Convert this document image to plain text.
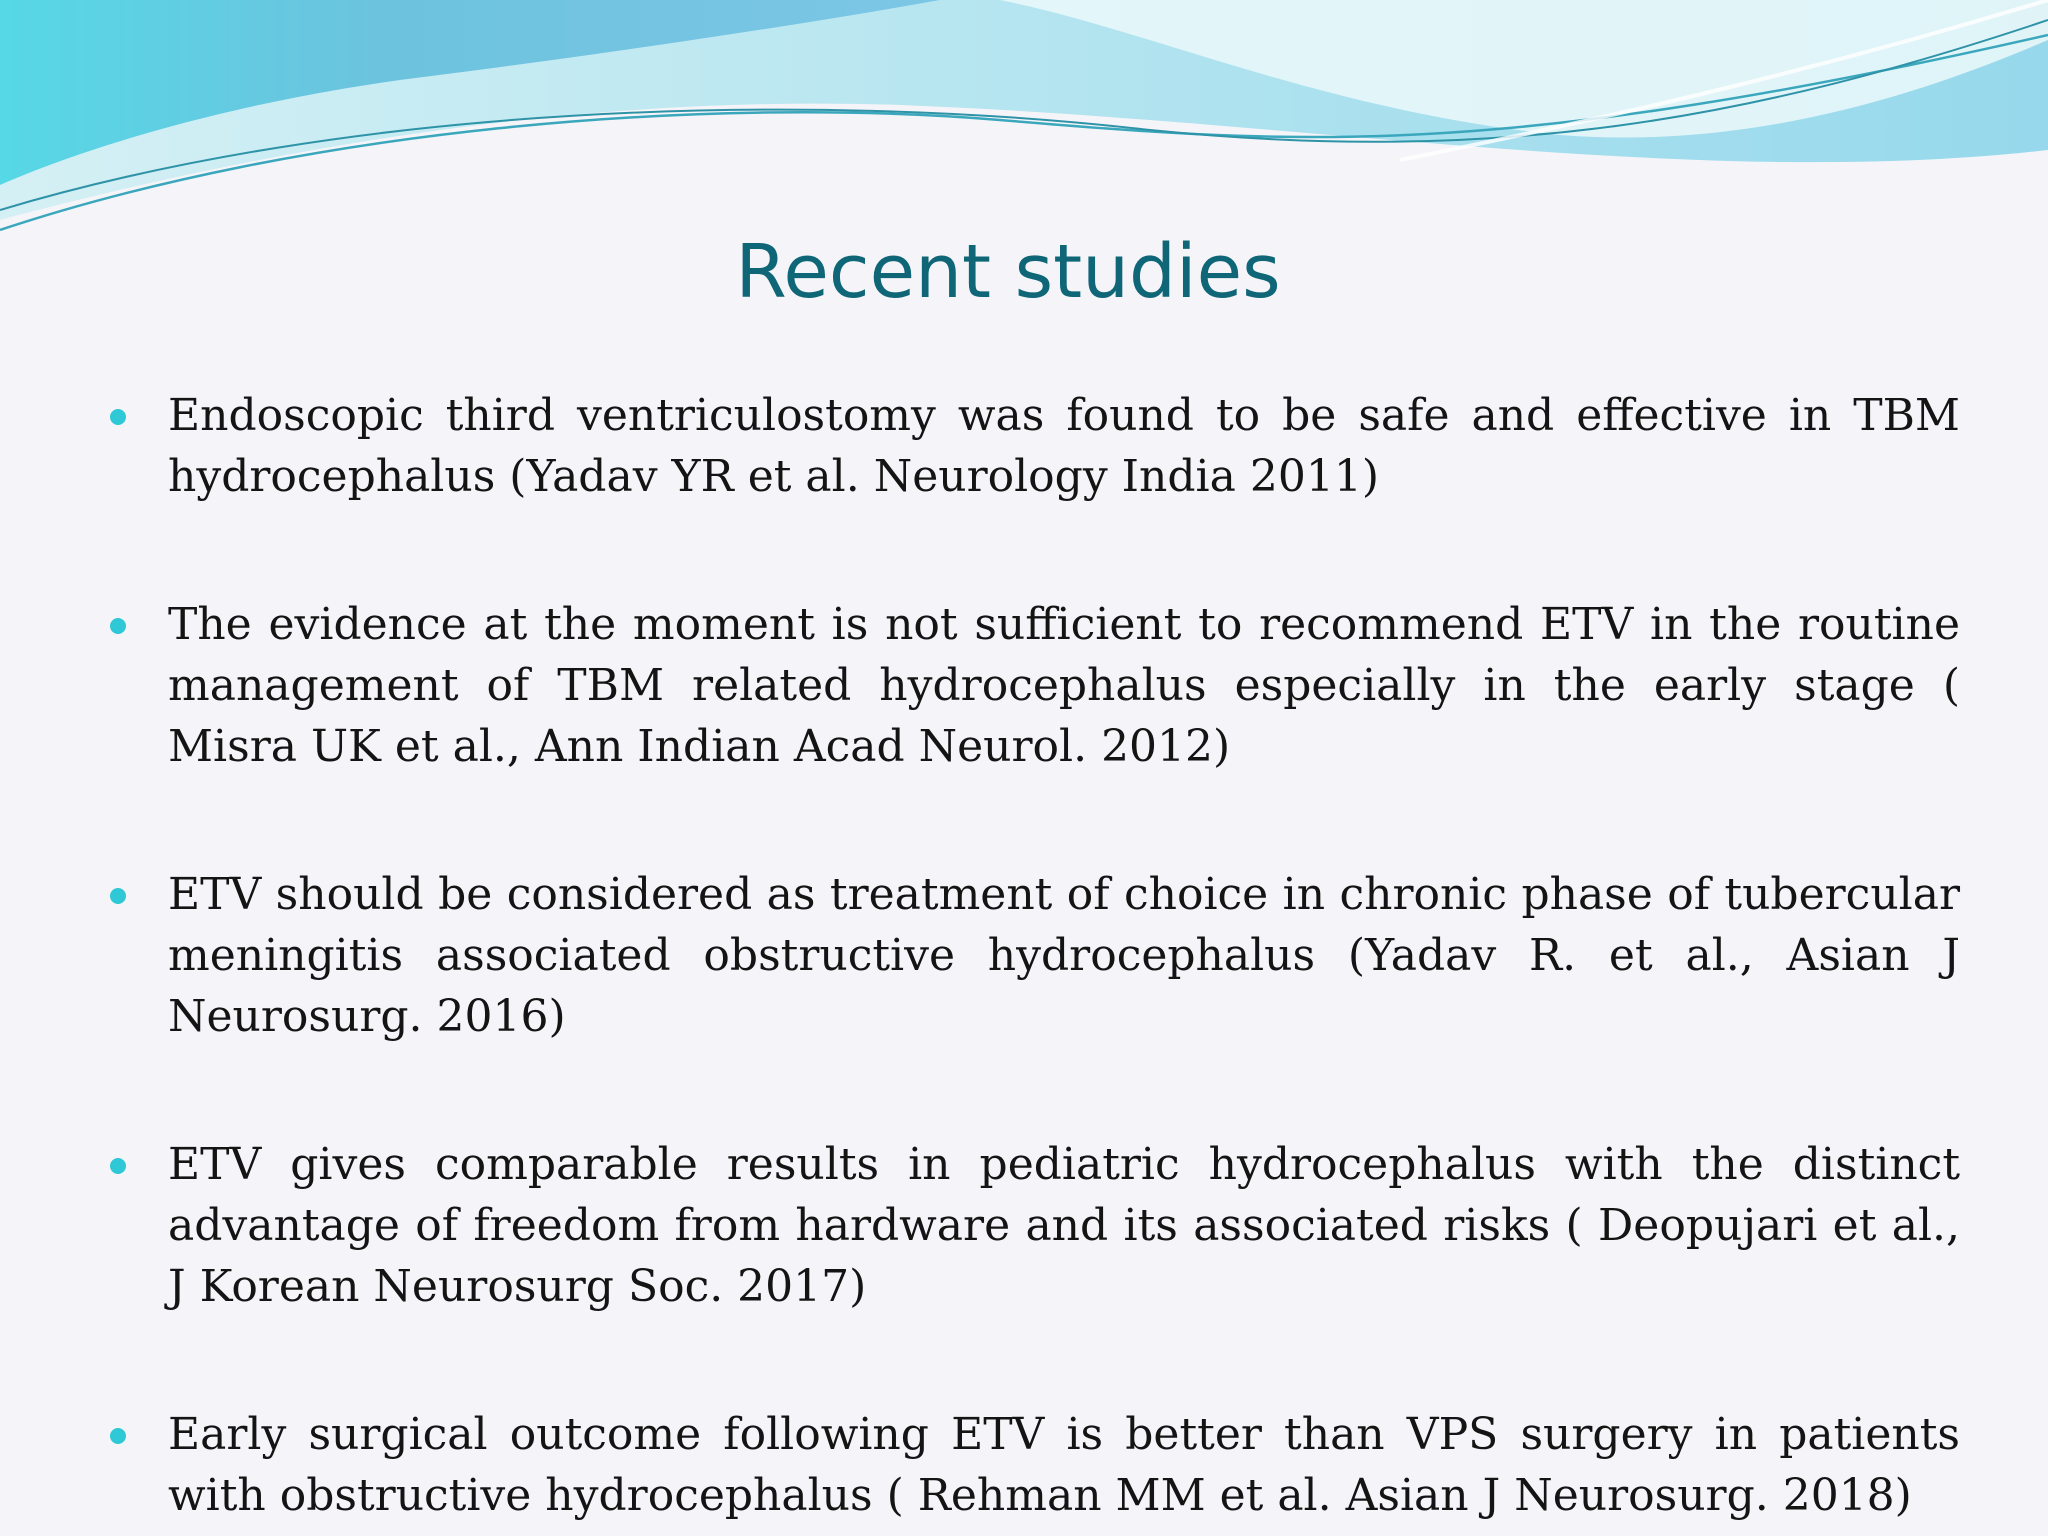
Recent studies
Endoscopic third ventriculostomy was found to be safe and effective in TBM hydrocephalus (Yadav YR et al. Neurology India 2011)
The evidence at the moment is not sufficient to recommend ETV in the routine management of TBM related hydrocephalus especially in the early stage ( Misra UK et al., Ann Indian Acad Neurol. 2012)
ETV should be considered as treatment of choice in chronic phase of tubercular meningitis associated obstructive hydrocephalus (Yadav R. et al., Asian J Neurosurg. 2016)
ETV gives comparable results in pediatric hydrocephalus with the distinct advantage of freedom from hardware and its associated risks ( Deopujari et al., J Korean Neurosurg Soc. 2017)
Early surgical outcome following ETV is better than VPS surgery in patients with obstructive hydrocephalus ( Rehman MM et al. Asian J Neurosurg. 2018)
